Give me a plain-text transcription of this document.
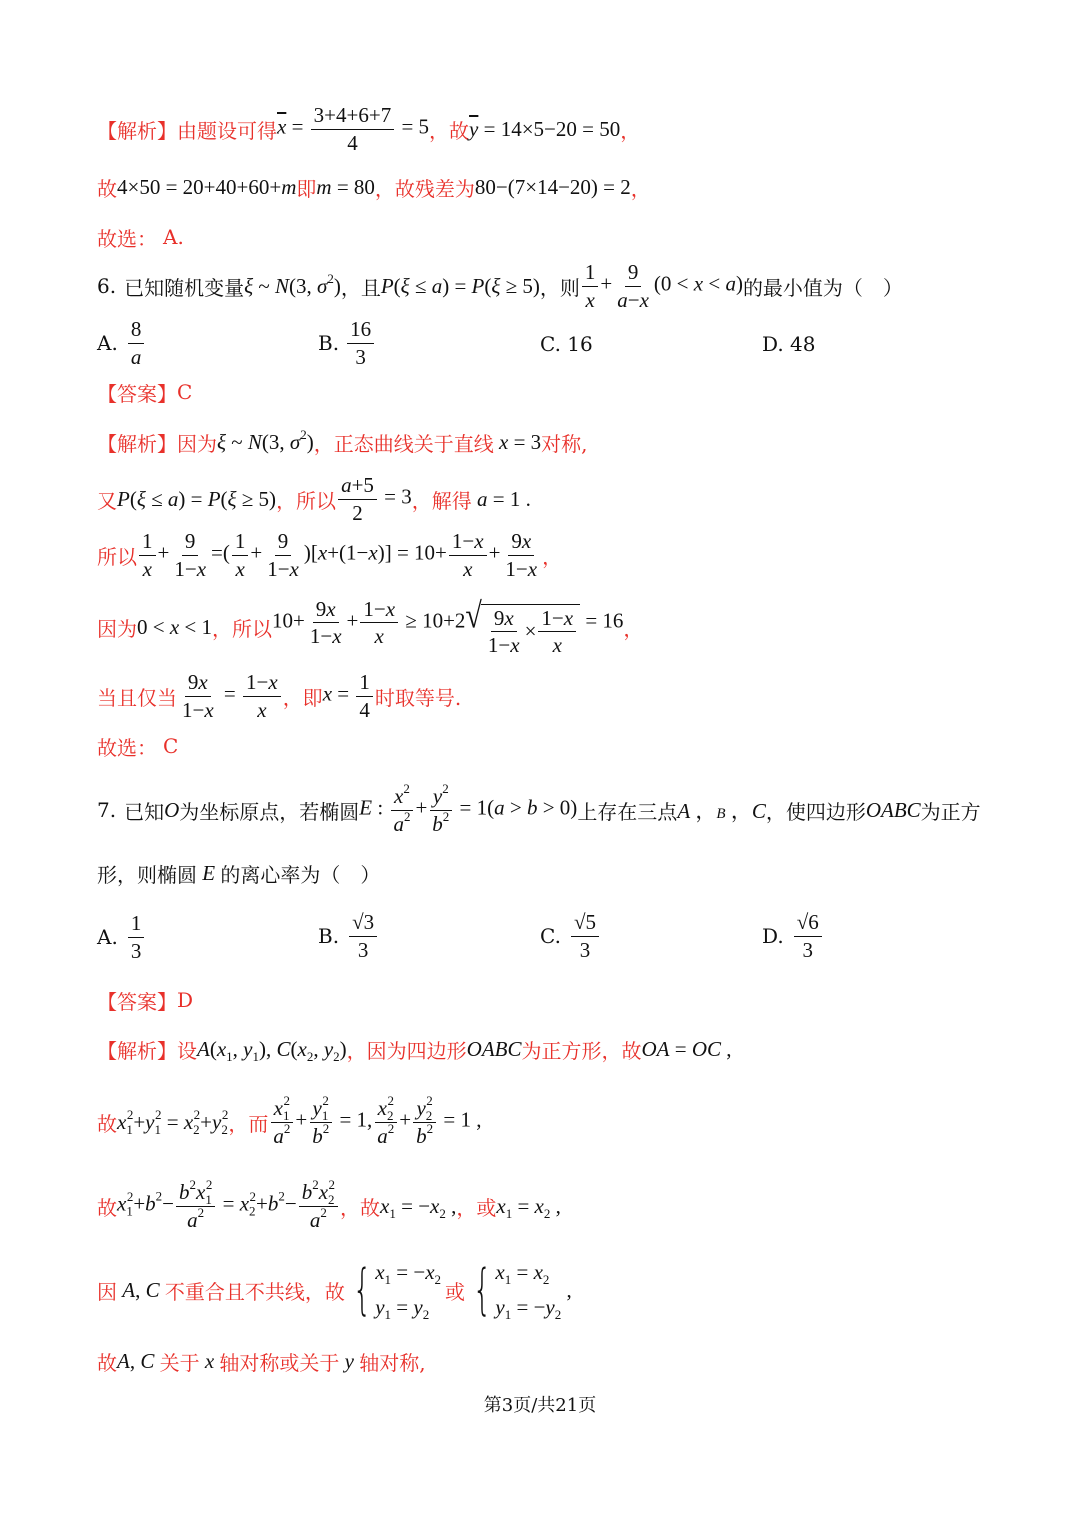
【解析】 由题设可得 $\overline{x} = \frac{3+4+6+7}{4} = 5$ ，故 $\overline{y} = 14\times 5-20 = 50$ ，
故 4×50 = 20+40+60+m 即 m = 80 ，故残差为 80−(7×14−20) = 2 ，
故选： A.
6. 已知随机变量 ξ ~ N(3, $\sigma^2$) ，且 P(ξ ≤ a) = P(ξ ≥ 5) ，则 $\frac{1}{x} + \frac{9}{a-x} (0 < x < a)$ 的最小值为（　）
A. $\frac{8}{a}$	B. $\frac{16}{3}$	C. 16	D. 48
【答案】 C
【解析】 因为 ξ ~ N(3, $\sigma^2$) ，正态曲线关于直线 x = 3 对称,
又 P(ξ ≤ a) = P(ξ ≥ 5) ，所以 $\frac{a+5}{2} = 3$ ，解得 a = 1 .
所以 $\frac{1}{x} + \frac{9}{1-x}$ =( $\frac{1}{x} + \frac{9}{1-x} )[x+(1-x)] = 10+ \frac{1-x}{x} + \frac{9x}{1-x}$ ，
因为 0 < x < 1 ，所以 $10+ \frac{9x}{1-x} + \frac{1-x}{x} \ge 10+2$ √ $\frac{9x}{1-x} \times \frac{1-x}{x} = 16$ ，
当且仅当 $\frac{9x}{1-x} = \frac{1-x}{x}$ ，即 $x = \frac{1}{4}$ 时取等号.
故选： C
7. 已知 O 为坐标原点，若椭圆 E : $\frac{x^2}{a^2} + \frac{y^2}{b^2} = 1(a > b > 0)$ 上存在三点 A ，B ，C ，使四边形 OABC 为正方
形，则椭圆 E 的离心率为（　）
A. $\frac{1}{3}$	B. $\frac{√3}{3}$	C. $\frac{√5}{3}$	D. $\frac{√6}{3}$
【答案】 D
【解析】 设 $A(x_1$, $y_1$), $C(x_2$, $y_2$) ，因为四边形 OABC 为正方形，故 OA = OC ,
故 $x_1^2+y_1^2 = x_2^2+y_2^2$ ，而 $\frac{x_1^2}{a^2} + \frac{y_1^2}{b^2} = 1$, $\frac{x_2^2}{a^2} + \frac{y_2^2}{b^2} = 1$ ,
故 $x_1^2+b^2- \frac{b^2x_1^2}{a^2} = x_2^2+b^2- \frac{b^2x_2^2}{a^2}$ ，故 $x_1 = -x_2$ , ，或 $x_1 = x_2$ ,
因 A, C 不重合且不共线，故 { $x_1 = -x_2$
$y_1 = y_2$
或 { $x_1 = x_2$
$y_1 = -y_2$
,
故 A, C 关于 x 轴对称或关于 y 轴对称,
第3页/共21页
